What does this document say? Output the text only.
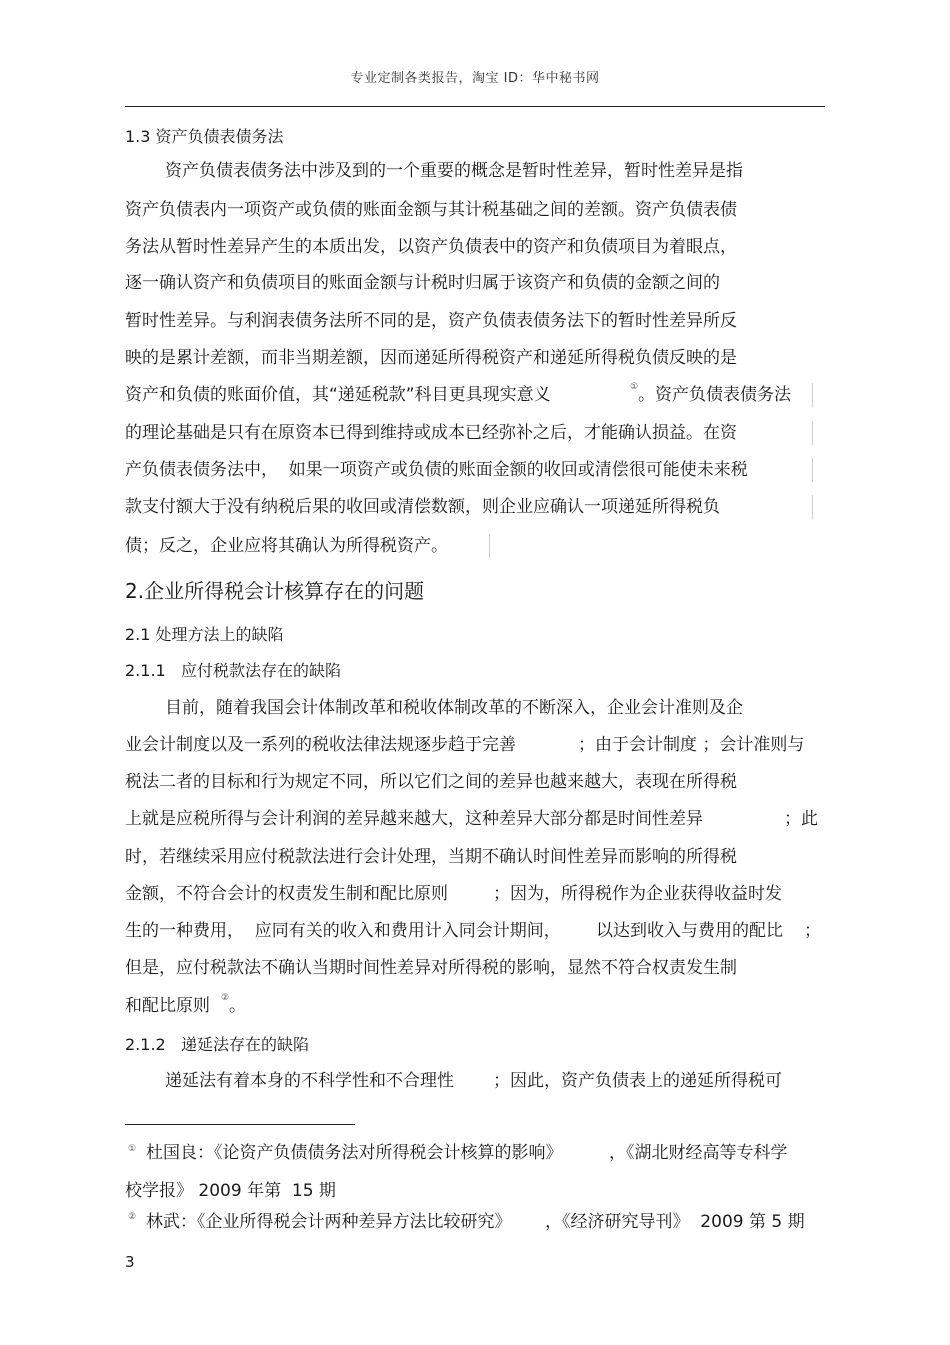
专业定制各类报告，淘宝 ID：华中秘书网
1.3 资产负债表债务法
资产负债表债务法中涉及到的一个重要的概念是暂时性差异，暂时性差异是指
资产负债表内一项资产或负债的账面金额与其计税基础之间的差额。资产负债表债
务法从暂时性差异产生的本质出发，以资产负债表中的资产和负债项目为着眼点，
逐一确认资产和负债项目的账面金额与计税时归属于该资产和负债的金额之间的
暂时性差异。与利润表债务法所不同的是，资产负债表债务法下的暂时性差异所反
映的是累计差额，而非当期差额，因而递延所得税资产和递延所得税负债反映的是
资产和负债的账面价值，其“递延税款”科目更具现实意义	① 。资产负债表债务法
的理论基础是只有在原资本已得到维持或成本已经弥补之后，才能确认损益。在资
产负债表债务法中，  如果一项资产或负债的账面金额的收回或清偿很可能使未来税
款支付额大于没有纳税后果的收回或清偿数额，则企业应确认一项递延所得税负
债；反之，企业应将其确认为所得税资产。
2.企业所得税会计核算存在的问题
2.1 处理方法上的缺陷
2.1.1   应付税款法存在的缺陷
目前，随着我国会计体制改革和税收体制改革的不断深入，企业会计准则及企
业会计制度以及一系列的税收法律法规逐步趋于完善	；由于会计制度 ；会计准则与
税法二者的目标和行为规定不同，所以它们之间的差异也越来越大，表现在所得税
上就是应税所得与会计利润的差异越来越大，这种差异大部分都是时间性差异	；此
时，若继续采用应付税款法进行会计处理，当期不确认时间性差异而影响的所得税
金额，不符合会计的权责发生制和配比原则	；因为，所得税作为企业获得收益时发
生的一种费用，  应同有关的收入和费用计入同会计期间， 以达到收入与费用的配比 ；
但是，应付税款法不确认当期时间性差异对所得税的影响，显然不符合权责发生制
和配比原则 ② 。
2.1.2   递延法存在的缺陷
递延法有着本身的不科学性和不合理性 ；因此，资产负债表上的递延所得税可
① 杜国良：《论资产负债债务法对所得税会计核算的影响》	，《湖北财经高等专科学
校学报》 2009 年第  15 期
② 林武：《企业所得税会计两种差异方法比较研究》 ，《经济研究导刊》  2009 第 5 期
3
